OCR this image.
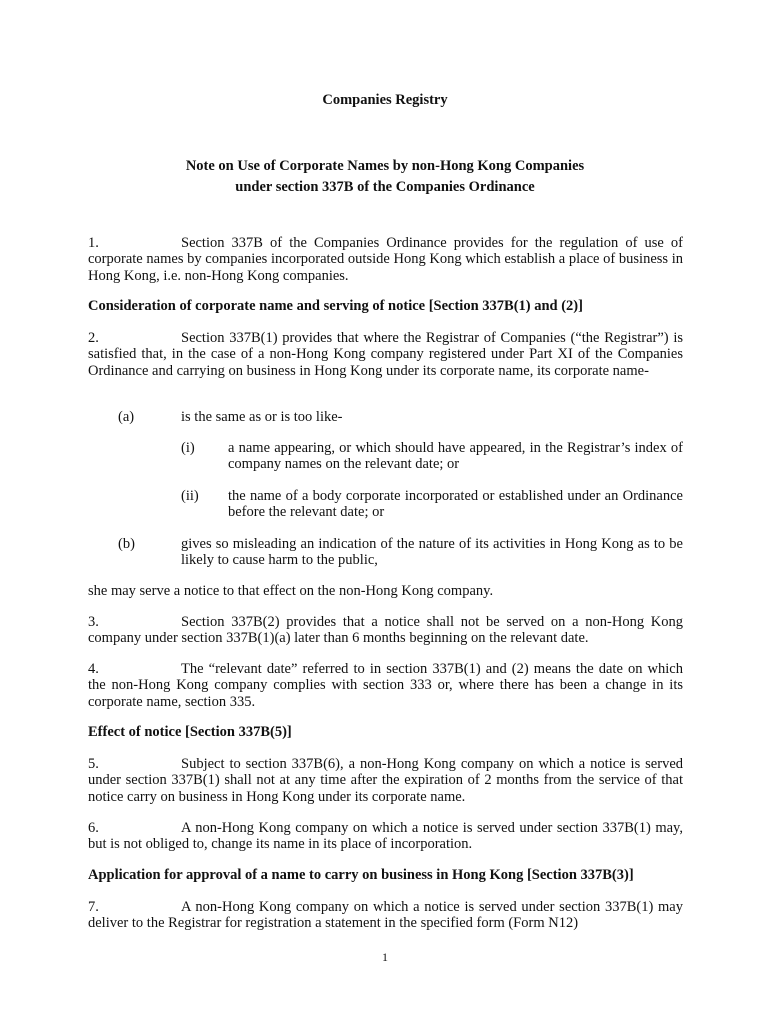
Companies Registry
Note on Use of Corporate Names by non-Hong Kong Companies
under section 337B of the Companies Ordinance
1.	Section 337B of the Companies Ordinance provides for the regulation of use of corporate names by companies incorporated outside Hong Kong which establish a place of business in Hong Kong, i.e. non-Hong Kong companies.
Consideration of corporate name and serving of notice [Section 337B(1) and (2)]
2.	Section 337B(1) provides that where the Registrar of Companies (“the Registrar”) is satisfied that, in the case of a non-Hong Kong company registered under Part XI of the Companies Ordinance and carrying on business in Hong Kong under its corporate name, its corporate name-
(a)	is the same as or is too like-
(i) a name appearing, or which should have appeared, in the Registrar’s index of company names on the relevant date; or
(ii) the name of a body corporate incorporated or established under an Ordinance before the relevant date; or
(b)	gives so misleading an indication of the nature of its activities in Hong Kong as to be likely to cause harm to the public,
she may serve a notice to that effect on the non-Hong Kong company.
3.	Section 337B(2) provides that a notice shall not be served on a non-Hong Kong company under section 337B(1)(a) later than 6 months beginning on the relevant date.
4.	The “relevant date” referred to in section 337B(1) and (2) means the date on which the non-Hong Kong company complies with section 333 or, where there has been a change in its corporate name, section 335.
Effect of notice [Section 337B(5)]
5.	Subject to section 337B(6), a non-Hong Kong company on which a notice is served under section 337B(1) shall not at any time after the expiration of 2 months from the service of that notice carry on business in Hong Kong under its corporate name.
6.	A non-Hong Kong company on which a notice is served under section 337B(1) may, but is not obliged to, change its name in its place of incorporation.
Application for approval of a name to carry on business in Hong Kong [Section 337B(3)]
7.	A non-Hong Kong company on which a notice is served under section 337B(1) may deliver to the Registrar for registration a statement in the specified form (Form N12)
1
